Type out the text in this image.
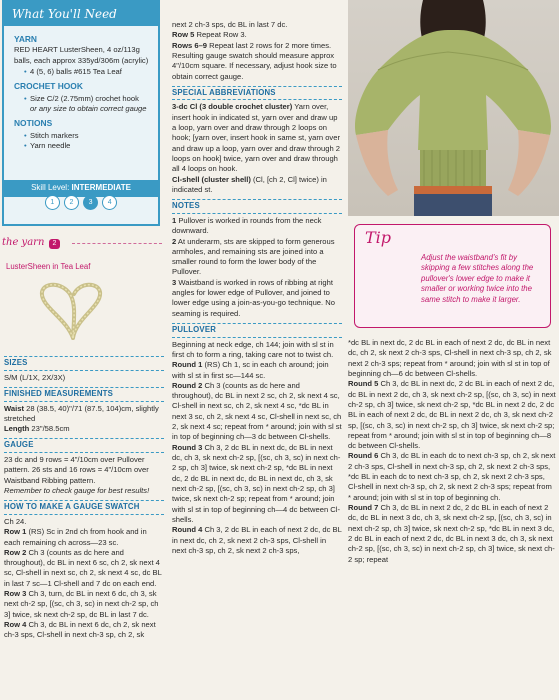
What You'll Need
YARN

RED HEART LusterSheen, 4 oz/113g balls, each approx 335yd/306m (acrylic)

• 4 (5, 6) balls #615 Tea Leaf
CROCHET HOOK
• Size C/2 (2.75mm) crochet hook
or any size to obtain correct gauge
NOTIONS
• Stitch markers
• Yarn needle
Skill Level: INTERMEDIATE
1 2 3 4
the yarn 2
LusterSheen in Tea Leaf
SIZES

S/M (L/1X, 2X/3X)

FINISHED MEASUREMENTS

Waist 28 (38.5, 40)"/71 (87.5, 104)cm, slightly stretched

Length 23"/58.5cm

GAUGE

23 dc and 9 rows = 4"/10cm over Pullover pattern. 26 sts and 16 rows = 4"/10cm over Waistband Ribbing pattern.

Remember to check gauge for best results!

HOW TO MAKE A GAUGE SWATCH

Ch 24.

Row 1 (RS) Sc in 2nd ch from hook and in each remaining ch across—23 sc.

Row 2 Ch 3 (counts as dc here and throughout), dc BL in next 6 sc, ch 2, sk next 4 sc, Cl-shell in next sc, ch 2, sk next 4 sc, dc BL in last 7 sc—1 Cl-shell and 7 dc on each end.

Row 3 Ch 3, turn, dc BL in next 6 dc, ch 3, sk next ch-2 sp, [(sc, ch 3, sc) in next ch-2 sp, ch 3] twice, sk next ch-2 sp, dc BL in last 7 dc.

Row 4 Ch 3, dc BL in next 6 dc, ch 2, sk next ch-3 sps, Cl-shell in next ch-3 sp, ch 2, sk

next 2 ch-3 sps, dc BL in last 7 dc.

Row 5 Repeat Row 3.

Rows 6–9 Repeat last 2 rows for 2 more times. Resulting gauge swatch should measure approx 4"/10cm square. If necessary, adjust hook size to obtain correct gauge.

SPECIAL ABBREVIATIONS

3-dc Cl (3 double crochet cluster) Yarn over, insert hook in indicated st, yarn over and draw up a loop, yarn over and draw through 2 loops on hook; [yarn over, insert hook in same st, yarn over and draw up a loop, yarn over and draw through 2 loops on hook] twice, yarn over and draw through all 4 loops on hook.

Cl-shell (cluster shell) (Cl, [ch 2, Cl] twice) in indicated st.

NOTES

1 Pullover is worked in rounds from the neck downward.

2 At underarm, sts are skipped to form generous armholes, and remaining sts are joined into a smaller round to form the lower body of the Pullover.

3 Waistband is worked in rows of ribbing at right angles for lower edge of Pullover, and joined to lower edge using a join-as-you-go technique. No seaming is required.

PULLOVER

Beginning at neck edge, ch 144; join with sl st in first ch to form a ring, taking care not to twist ch.

Round 1 (RS) Ch 1, sc in each ch around; join with sl st in first sc—144 sc.

Round 2 Ch 3 (counts as dc here and throughout), dc BL in next 2 sc, ch 2, sk next 4 sc, Cl-shell in next sc, ch 2, sk next 4 sc, *dc BL in next 3 sc, ch 2, sk next 4 sc, Cl-shell in next sc, ch 2, sk next 4 sc; repeat from * around; join with sl st in top of beginning ch—3 dc between Cl-shells.

Round 3 Ch 3, 2 dc BL in next dc, dc BL in next dc, ch 3, sk next ch-2 sp, [(sc, ch 3, sc) in next ch-2 sp, ch 3] twice, sk next ch-2 sp, *dc BL in next dc, 2 dc BL in next dc, dc BL in next dc, ch 3, sk next ch-2 sp, [(sc, ch 3, sc) in next ch-2 sp, ch 3] twice, sk next ch-2 sp; repeat from * around; join with sl st in top of beginning ch—4 dc between Cl-shells.

Round 4 Ch 3, 2 dc BL in each of next 2 dc, dc BL in next dc, ch 2, sk next 2 ch-3 sps, Cl-shell in next ch-3 sp, ch 2, sk next 2 ch-3 sps,

Tip
Adjust the waistband's fit by skipping a few stitches along the pullover's lower edge to make it smaller or working twice into the same stitch to make it larger.

*dc BL in next dc, 2 dc BL in each of next 2 dc, dc BL in next dc, ch 2, sk next 2 ch-3 sps, Cl-shell in next ch-3 sp, ch 2, sk next 2 ch-3 sps; repeat from * around; join with sl st in top of beginning ch—6 dc between Cl-shells.

Round 5 Ch 3, dc BL in next dc, 2 dc BL in each of next 2 dc, dc BL in next 2 dc, ch 3, sk next ch-2 sp, [(sc, ch 3, sc) in next ch-2 sp, ch 3] twice, sk next ch-2 sp, *dc BL in next 2 dc, 2 dc BL in each of next 2 dc, dc BL in next 2 dc, ch 3, sk next ch-2 sp, [(sc, ch 3, sc) in next ch-2 sp, ch 3] twice, sk next ch-2 sp; repeat from * around; join with sl st in top of beginning ch—8 dc between Cl-shells.

Round 6 Ch 3, dc BL in each dc to next ch-3 sp, ch 2, sk next 2 ch-3 sps, Cl-shell in next ch-3 sp, ch 2, sk next 2 ch-3 sps, *dc BL in each dc to next ch-3 sp, ch 2, sk next 2 ch-3 sps, Cl-shell in next ch-3 sp, ch 2, sk next 2 ch-3 sps; repeat from * around; join with sl st in top of beginning ch.

Round 7 Ch 3, dc BL in next 2 dc, 2 dc BL in each of next 2 dc, dc BL in next 3 dc, ch 3, sk next ch-2 sp, [(sc, ch 3, sc) in next ch-2 sp, ch 3] twice, sk next ch-2 sp, *dc BL in next 3 dc, 2 dc BL in each of next 2 dc, dc BL in next 3 dc, ch 3, sk next ch-2 sp, [(sc, ch 3, sc) in next ch-2 sp, ch 3] twice, sk next ch-2 sp; repeat
